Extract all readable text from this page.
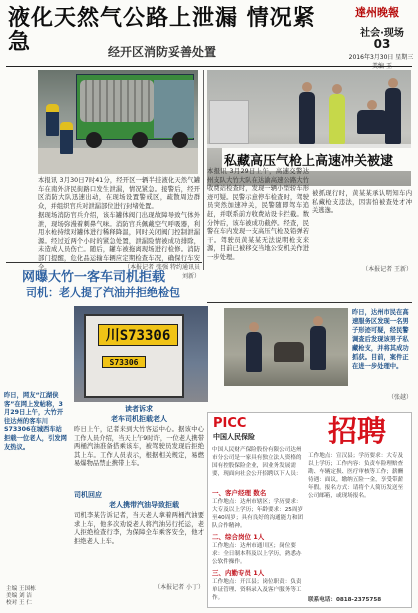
液化天然气公路上泄漏 情况紧急	经开区消防妥善处置
達州晚報
社会·现场
03
2016年3月30日 星期三
本报讯 3月30日7时41分，经开区一辆半挂液化天然气罐车在南外济民街路口发生泄漏，情况紧急。接警后，经开区消防大队迅速出动，在现场设置警戒区，疏散周边群众，并组织官兵对泄漏部位进行封堵处置。
据现场消防官兵介绍，该车罐体阀门出现故障导致气体外泄，现场弥漫着刺鼻气味。消防官兵佩戴空气呼吸器，利用水枪持续对罐体进行稀释降温，同时关闭阀门控制泄漏源。经过近两个小时的紧急处置，泄漏险情被成功排除，未造成人员伤亡。随后，罐车被拖离现场进行检修。消防部门提醒，危化品运输车辆应定期检查车况，确保行车安全。	（本报记者 张强 特约通讯员 刘新）
私藏高压气枪上高速冲关被逮
本报讯 3月29日上午，高速交警达州支队大竹大队在达渝高速公路大竹收费站检查时，发现一辆小型轿车形迹可疑。民警示意停车检查时，驾驶员突然加速冲关，民警随即驾车追赶，并联系前方收费站设卡拦截。数分钟后，该车被成功截停。经查，民警在车内发现一支高压气枪及铅弹若干。驾驶员黄某某无法说明枪支来源，目前已被移交当地公安机关作进一步处理。
被抓现行时，黄某某承认明知车内私藏枪支违法，因害怕被查处才冲关逃逸。
（本报记者 王新）
网曝大竹一客车司机拒载
司机：老人提了汽油并拒绝检包
川S73306
S73306
昨日，网友“江湖侠客”在网上发帖称，3月29日上午，大竹开往达州的客车川S73306在城西车站拒载一位老人，引发网友热议。
读者诉求
老车司机拒载老人
昨日上午，记者来到大竹客运中心。据该中心工作人员介绍，当天上午9时许，一位老人携带两桶汽油准备搭乘该车，被驾驶员发现后拒绝其上车。工作人员表示，根据相关规定，易燃易爆物品禁止携带上车。
司机回应
老人携带汽油导致拒载
司机李某告诉记者，当天老人拿着两桶汽油要求上车，他多次劝说老人将汽油另行托运，老人拒绝检查行李，为保障全车乘客安全，他才拒绝老人上车。
（本报记者 小丁）
昨日，达州市民在高速服务区发现一名男子形迹可疑，经民警调查后发现该男子私藏枪支，并将其成功抓获。目前，案件正在进一步处理中。
（张越）
PICC
中国人民保险	招聘
中国人民财产保险股份有限公司达州市分公司是一家具有独立法人资格的国有控股保险企业，因业务发展需要，现面向社会公开招聘以下人员：
一、客户经理 数名
工作地点：达州市辖区；学历要求：大专及以上学历；年龄要求：25周岁至40周岁；具有良好的沟通能力和团队合作精神。
二、综合岗位 1人
工作地点：达州市通川区；岗位要求：全日制本科及以上学历，熟悉办公软件操作。
三、内勤专员 1人
工作地点：开江县；岗位职责：负责单证管理、资料录入及客户服务等工作。
工作地点：宣汉县；学历要求：大专及以上学历；工作内容：负责车险理赔查勘、车辆定损、医疗审核等工作；薪酬待遇：面议，缴纳五险一金，享受带薪年假。报名方式：请将个人简历发送至公司邮箱，或现场报名。
联系电话：0818-2375758
主编 王国栋
美编 刘 洁
校对 王 仁
